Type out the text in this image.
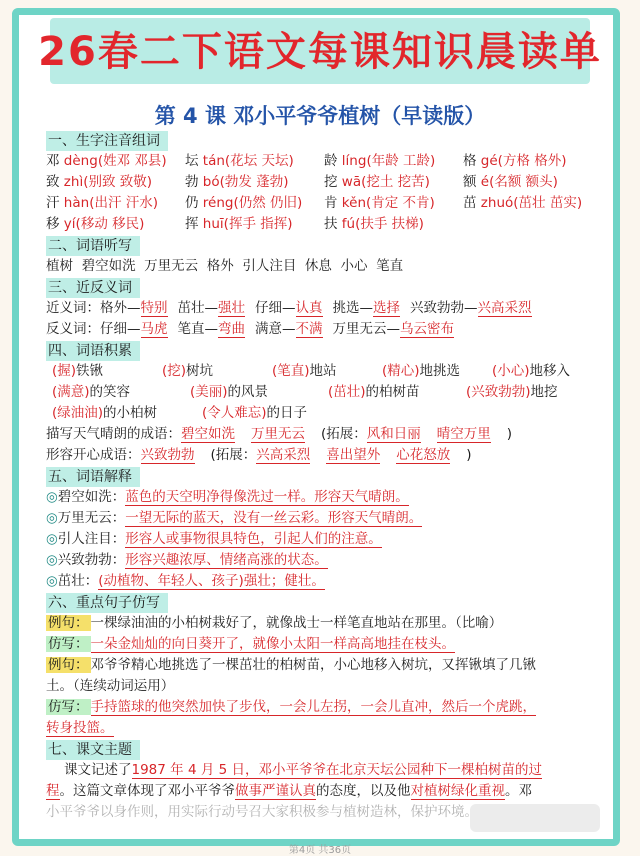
26春二下语文每课知识晨读单
第 4 课 邓小平爷爷植树（早读版）
一、生字注音组词
邓 dèng(姓邓 邓县) 坛 tán(花坛 天坛) 龄 líng(年龄 工龄) 格 gé(方格 格外)
致 zhì(别致 致敬) 勃 bó(勃发 蓬勃)	挖 wā(挖土 挖苦) 额 é(名额 额头)
汗 hàn(出汗 汗水) 仍 réng(仍然 仍旧) 肯 kěn(肯定 不肯) 茁 zhuó(茁壮 茁实)
移 yí(移动 移民)	挥 huī(挥手 指挥) 扶 fú(扶手 扶梯)
二、词语听写
植树  碧空如洗  万里无云  格外  引人注目  休息  小心  笔直
三、近反义词
近义词：格外—特别 茁壮—强壮 仔细—认真 挑选—选择 兴致勃勃—兴高采烈
反义词：仔细—马虎 笔直—弯曲 满意—不满 万里无云—乌云密布
四、词语积累
(握)铁锹	(挖)树坑	(笔直)地站	(精心)地挑选 (小心)地移入
(满意)的笑容	(美丽)的风景	(茁壮)的柏树苗	(兴致勃勃)地挖
(绿油油)的小柏树	(令人难忘)的日子
描写天气晴朗的成语：碧空如洗 万里无云 (拓展：风和日丽 晴空万里 )
形容开心成语：兴致勃勃 (拓展：兴高采烈 喜出望外 心花怒放 )
五、词语解释
◎碧空如洗：蓝色的天空明净得像洗过一样。形容天气晴朗。
◎万里无云：一望无际的蓝天，没有一丝云彩。形容天气晴朗。
◎引人注目：形容人或事物很具特色，引起人们的注意。
◎兴致勃勃：形容兴趣浓厚、情绪高涨的状态。
◎茁壮：(动植物、年轻人、孩子)强壮；健壮。
六、重点句子仿写
例句： 一棵绿油油的小柏树栽好了，就像战士一样笔直地站在那里。（比喻）
仿写： 一朵金灿灿的向日葵开了，就像小太阳一样高高地挂在枝头。
例句： 邓爷爷精心地挑选了一棵茁壮的柏树苗，小心地移入树坑，又挥锹填了几锹
土。（连续动词运用）
仿写： 手持篮球的他突然加快了步伐，一会儿左拐，一会儿直冲，然后一个虎跳，
转身投篮。
七、课文主题
课文记述了1987 年 4 月 5 日，邓小平爷爷在北京天坛公园种下一棵柏树苗的过
程。这篇文章体现了邓小平爷爷做事严谨认真的态度，以及他对植树绿化重视。邓
小平爷爷以身作则，用实际行动号召大家积极参与植树造林，保护环境。
第4页 共36页
